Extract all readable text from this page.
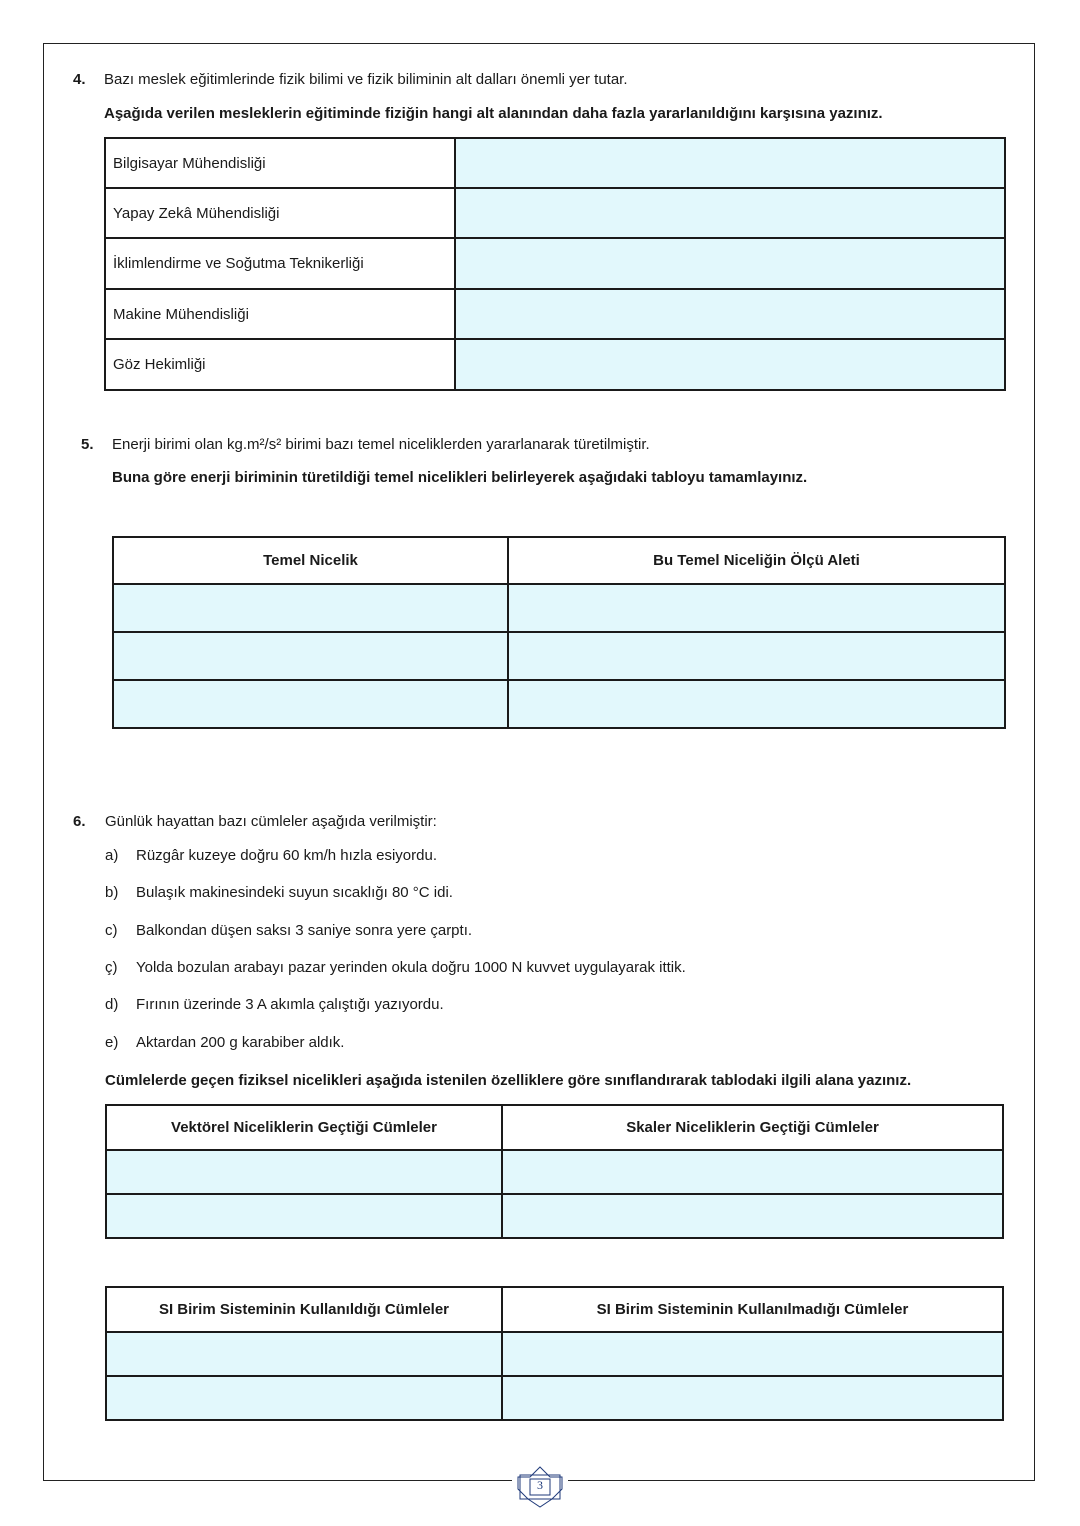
4. Bazı meslek eğitimlerinde fizik bilimi ve fizik biliminin alt dalları önemli yer tutar.
Aşağıda verilen mesleklerin eğitiminde fiziğin hangi alt alanından daha fazla yararlanıldığını karşısına yazınız.
Bilgisayar Mühendisliği	
Yapay Zekâ Mühendisliği	
İklimlendirme ve Soğutma Teknikerliği	
Makine Mühendisliği	
Göz Hekimliği	
5. Enerji birimi olan kg.m²/s² birimi bazı temel niceliklerden yararlanarak türetilmiştir.
Buna göre enerji biriminin türetildiği temel nicelikleri belirleyerek aşağıdaki tabloyu tamamlayınız.
Temel Nicelik	Bu Temel Niceliğin Ölçü Aleti

6. Günlük hayattan bazı cümleler aşağıda verilmiştir:
a) Rüzgâr kuzeye doğru 60 km/h hızla esiyordu.
b) Bulaşık makinesindeki suyun sıcaklığı 80 °C idi.
c) Balkondan düşen saksı 3 saniye sonra yere çarptı.
ç) Yolda bozulan arabayı pazar yerinden okula doğru 1000 N kuvvet uygulayarak ittik.
d) Fırının üzerinde 3 A akımla çalıştığı yazıyordu.
e) Aktardan 200 g karabiber aldık.
Cümlelerde geçen fiziksel nicelikleri aşağıda istenilen özelliklere göre sınıflandırarak tablodaki ilgili alana yazınız.
Vektörel Niceliklerin Geçtiği Cümleler	Skaler Niceliklerin Geçtiği Cümleler

SI Birim Sisteminin Kullanıldığı Cümleler	SI Birim Sisteminin Kullanılmadığı Cümleler

3
